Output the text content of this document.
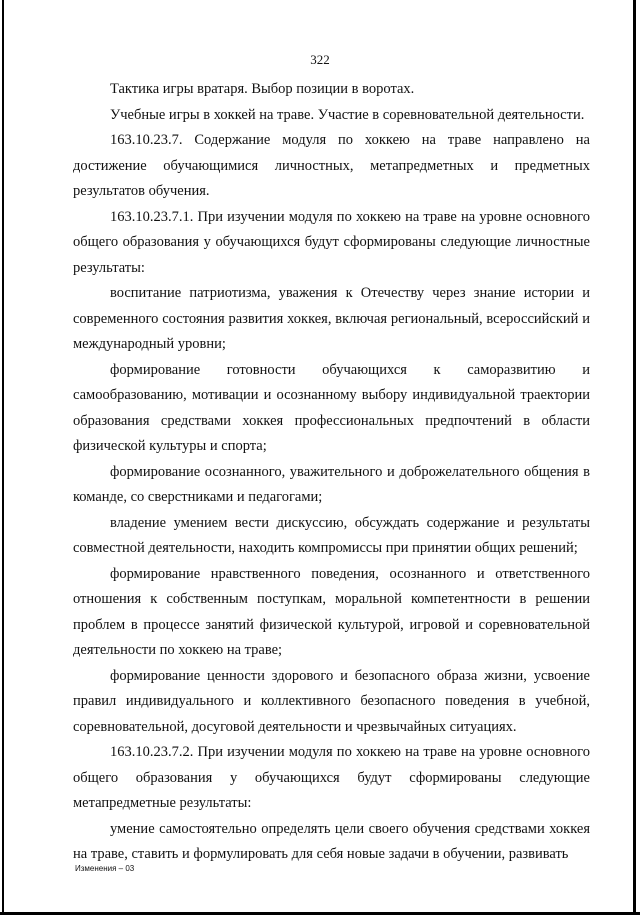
322

Тактика игры вратаря. Выбор позиции в воротах.

Учебные игры в хоккей на траве. Участие в соревновательной деятельности.

163.10.23.7. Содержание модуля по хоккею на траве направлено на достижение обучающимися личностных, метапредметных и предметных результатов обучения.

163.10.23.7.1. При изучении модуля по хоккею на траве на уровне основного общего образования у обучающихся будут сформированы следующие личностные результаты:

воспитание патриотизма, уважения к Отечеству через знание истории и современного состояния развития хоккея, включая региональный, всероссийский и международный уровни;

формирование готовности обучающихся к саморазвитию и самообразованию, мотивации и осознанному выбору индивидуальной траектории образования средствами хоккея профессиональных предпочтений в области физической культуры и спорта;

формирование осознанного, уважительного и доброжелательного общения в команде, со сверстниками и педагогами;

владение умением вести дискуссию, обсуждать содержание и результаты совместной деятельности, находить компромиссы при принятии общих решений;

формирование нравственного поведения, осознанного и ответственного отношения к собственным поступкам, моральной компетентности в решении проблем в процессе занятий физической культурой, игровой и соревновательной деятельности по хоккею на траве;

формирование ценности здорового и безопасного образа жизни, усвоение правил индивидуального и коллективного безопасного поведения в учебной, соревновательной, досуговой деятельности и чрезвычайных ситуациях.

163.10.23.7.2. При изучении модуля по хоккею на траве на уровне основного общего образования у обучающихся будут сформированы следующие метапредметные результаты:

умение самостоятельно определять цели своего обучения средствами хоккея на траве, ставить и формулировать для себя новые задачи в обучении, развивать

Изменения – 03
